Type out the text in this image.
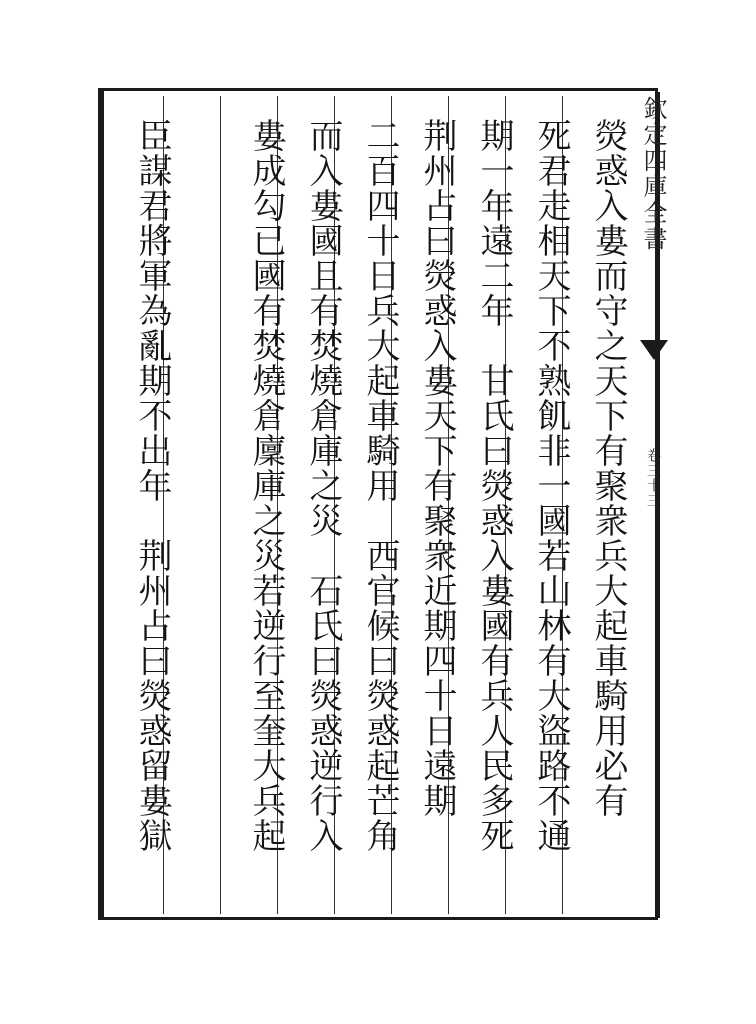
欽定四庫全書
卷三十三
熒惑入婁而守之天下有聚衆兵大起車騎用必有
死君走相天下不熟飢非一國若山林有大盜路不通
期一年遠二年　甘氏曰熒惑入婁國有兵人民多死
荆州占曰熒惑入婁天下有聚衆近期四十日遠期
二百四十日兵大起車騎用　西官候曰熒惑起芒角
而入婁國且有焚燒倉庫之災　石氏曰熒惑逆行入
婁成勾已國有焚燒倉廩庫之災若逆行至奎大兵起
臣謀君將軍為亂期不出年　荆州占曰熒惑留婁獄
